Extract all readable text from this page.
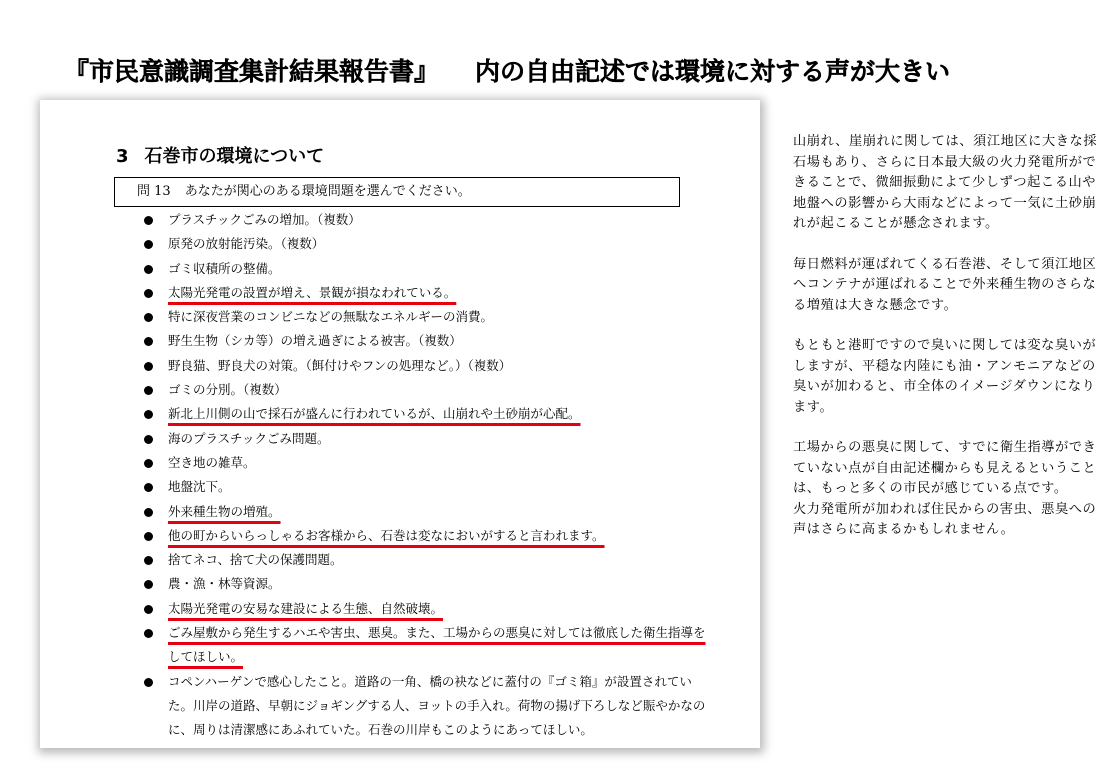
『市民意識調査集計結果報告書』 内の自由記述では環境に対する声が大きい
3 石巻市の環境について
問 13 あなたが関心のある環境問題を選んでください。
プラスチックごみの増加。（複数）
原発の放射能汚染。（複数）
ゴミ収積所の整備。
太陽光発電の設置が増え、景観が損なわれている。
特に深夜営業のコンビニなどの無駄なエネルギーの消費。
野生生物（シカ等）の増え過ぎによる被害。（複数）
野良猫、野良犬の対策。（餌付けやフンの処理など。）（複数）
ゴミの分別。（複数）
新北上川側の山で採石が盛んに行われているが、山崩れや土砂崩が心配。
海のプラスチックごみ問題。
空き地の雑草。
地盤沈下。
外来種生物の増殖。
他の町からいらっしゃるお客様から、石巻は変なにおいがすると言われます。
捨てネコ、捨て犬の保護問題。
農・漁・林等資源。
太陽光発電の安易な建設による生態、自然破壊。
ごみ屋敷から発生するハエや害虫、悪臭。また、工場からの悪臭に対しては徹底した衛生指導をしてほしい。
コペンハーゲンで感心したこと。道路の一角、橋の袂などに蓋付の『ゴミ箱』が設置されていた。川岸の道路、早朝にジョギングする人、ヨットの手入れ。荷物の揚げ下ろしなど賑やかなのに、周りは清潔感にあふれていた。石巻の川岸もこのようにあってほしい。

山崩れ、崖崩れに関しては、須江地区に大きな採石場もあり、さらに日本最大級の火力発電所ができることで、微細振動によて少しずつ起こる山や地盤への影響から大雨などによって一気に土砂崩れが起こることが懸念されます。

毎日燃料が運ばれてくる石巻港、そして須江地区へコンテナが運ばれることで外来種生物のさらなる増殖は大きな懸念です。

もともと港町ですので臭いに関しては変な臭いがしますが、平穏な内陸にも油・アンモニアなどの臭いが加わると、市全体のイメージダウンになります。

工場からの悪臭に関して、すでに衛生指導ができていない点が自由記述欄からも見えるということは、もっと多くの市民が感じている点です。

火力発電所が加われば住民からの害虫、悪臭への声はさらに高まるかもしれません。
